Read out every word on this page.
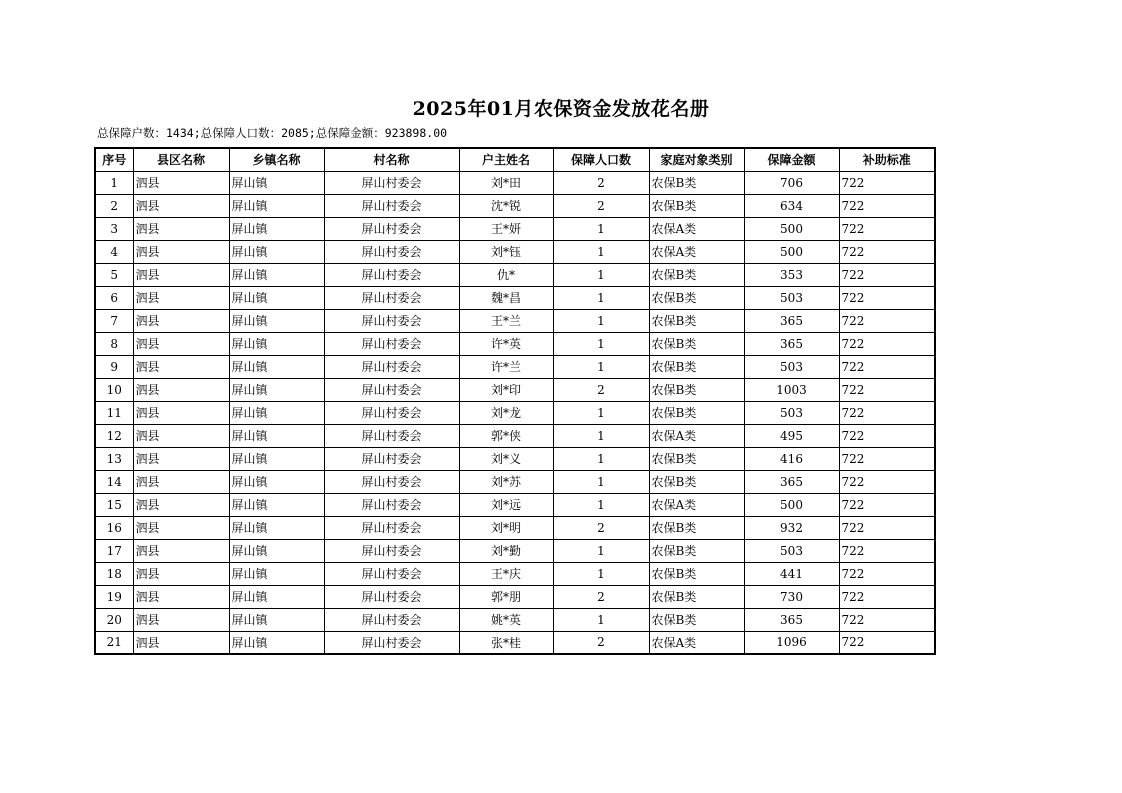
2025年01月农保资金发放花名册
总保障户数：1434;总保障人口数：2085;总保障金额：923898.00
序号	县区名称	乡镇名称	村名称	户主姓名	保障人口数	家庭对象类别	保障金额	补助标准
1	泗县	屏山镇	屏山村委会	刘*田	2	农保B类	706	722
2	泗县	屏山镇	屏山村委会	沈*锐	2	农保B类	634	722
3	泗县	屏山镇	屏山村委会	王*妍	1	农保A类	500	722
4	泗县	屏山镇	屏山村委会	刘*钰	1	农保A类	500	722
5	泗县	屏山镇	屏山村委会	仇*	1	农保B类	353	722
6	泗县	屏山镇	屏山村委会	魏*昌	1	农保B类	503	722
7	泗县	屏山镇	屏山村委会	王*兰	1	农保B类	365	722
8	泗县	屏山镇	屏山村委会	许*英	1	农保B类	365	722
9	泗县	屏山镇	屏山村委会	许*兰	1	农保B类	503	722
10	泗县	屏山镇	屏山村委会	刘*印	2	农保B类	1003	722
11	泗县	屏山镇	屏山村委会	刘*龙	1	农保B类	503	722
12	泗县	屏山镇	屏山村委会	郭*侠	1	农保A类	495	722
13	泗县	屏山镇	屏山村委会	刘*义	1	农保B类	416	722
14	泗县	屏山镇	屏山村委会	刘*苏	1	农保B类	365	722
15	泗县	屏山镇	屏山村委会	刘*远	1	农保A类	500	722
16	泗县	屏山镇	屏山村委会	刘*明	2	农保B类	932	722
17	泗县	屏山镇	屏山村委会	刘*勤	1	农保B类	503	722
18	泗县	屏山镇	屏山村委会	王*庆	1	农保B类	441	722
19	泗县	屏山镇	屏山村委会	郭*朋	2	农保B类	730	722
20	泗县	屏山镇	屏山村委会	姚*英	1	农保B类	365	722
21	泗县	屏山镇	屏山村委会	张*桂	2	农保A类	1096	722
